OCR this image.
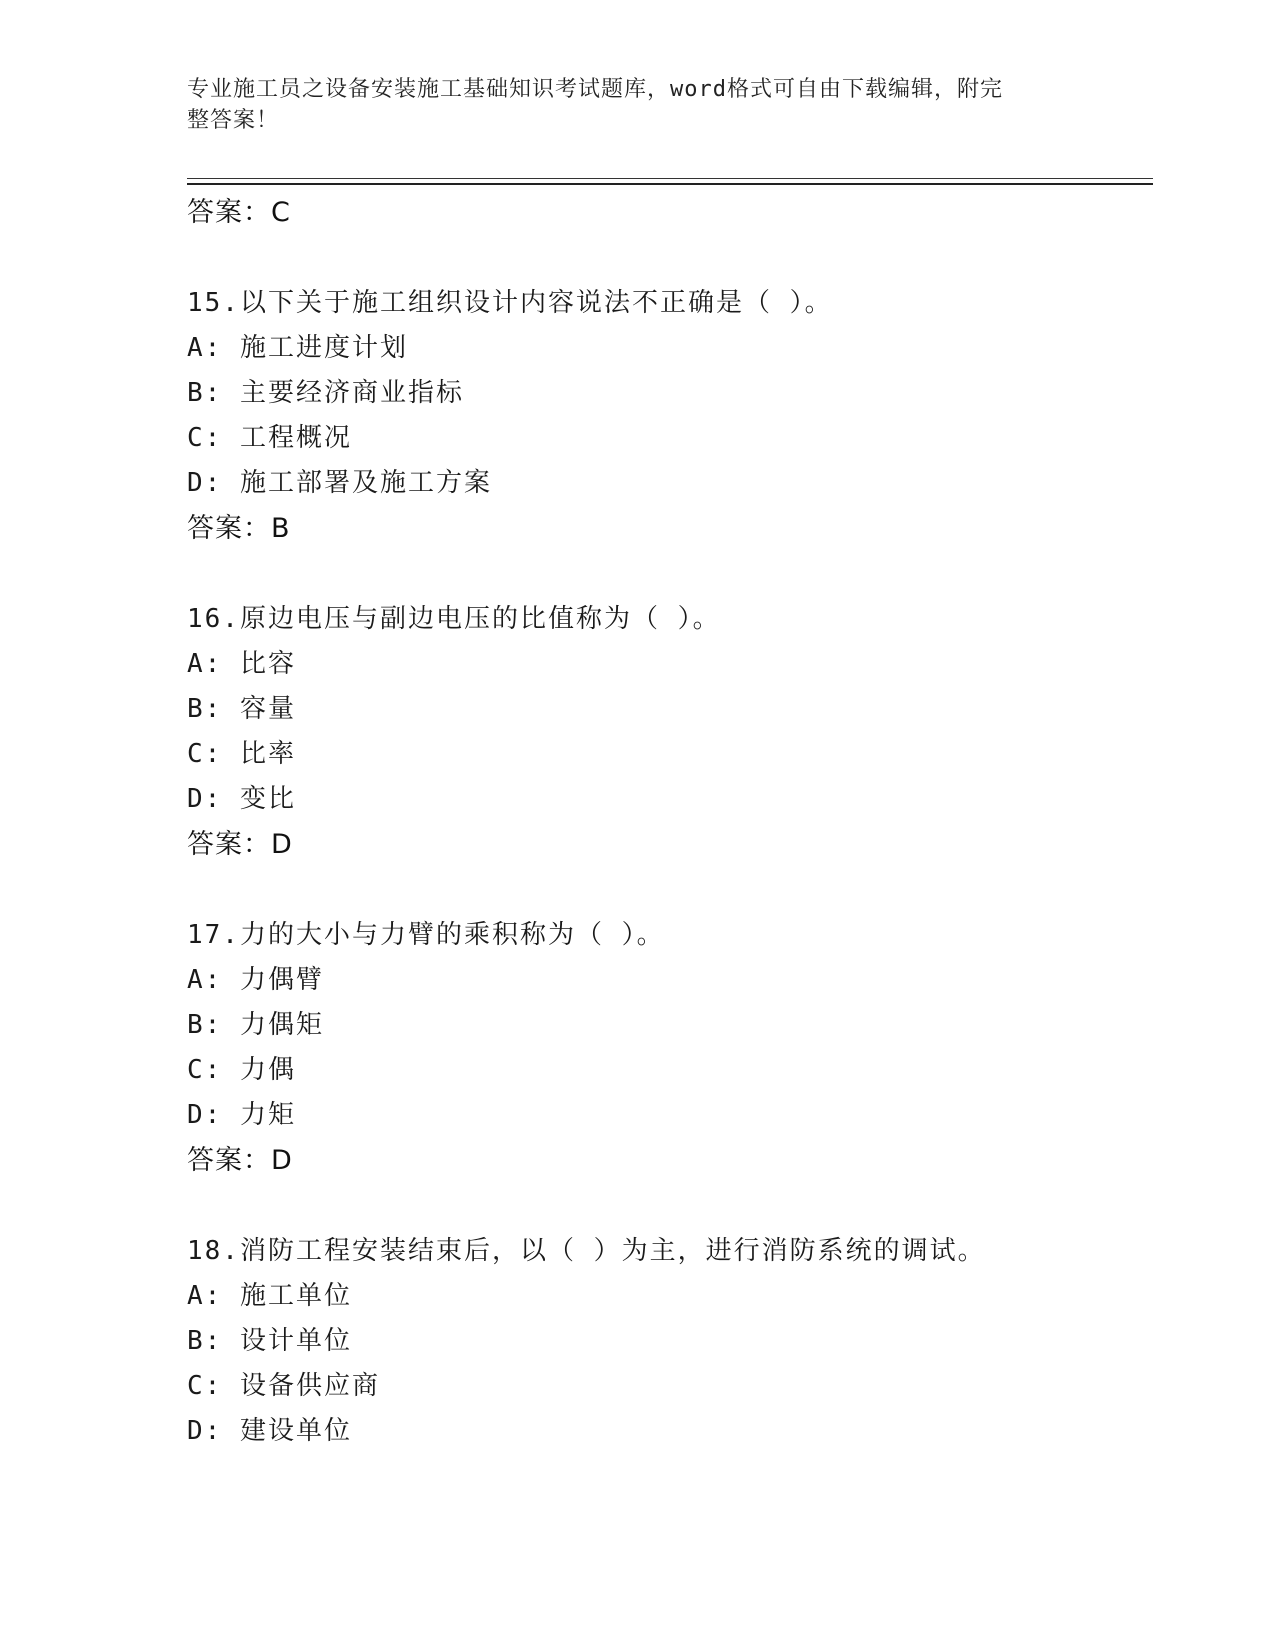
专业施工员之设备安装施工基础知识考试题库，word格式可自由下载编辑，附完
整答案！
答案：C
15.以下关于施工组织设计内容说法不正确是（ ）。
A: 施工进度计划
B: 主要经济商业指标
C: 工程概况
D: 施工部署及施工方案
答案：B
16.原边电压与副边电压的比值称为（ ）。
A: 比容
B: 容量
C: 比率
D: 变比
答案：D
17.力的大小与力臂的乘积称为（ ）。
A: 力偶臂
B: 力偶矩
C: 力偶
D: 力矩
答案：D
18.消防工程安装结束后，以（ ）为主，进行消防系统的调试。
A: 施工单位
B: 设计单位
C: 设备供应商
D: 建设单位
